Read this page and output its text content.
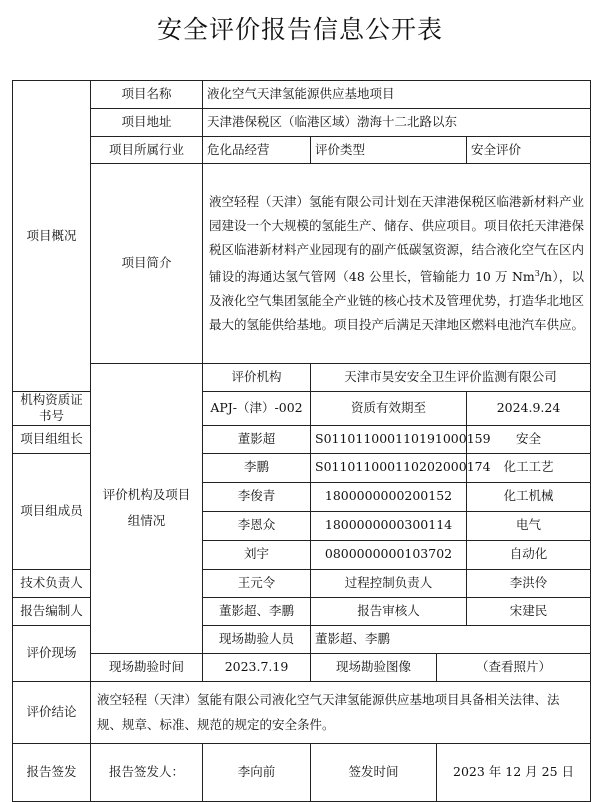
安全评价报告信息公开表
项目概况	项目名称	液化空气天津氢能源供应基地项目			
	项目地址	天津港保税区（临港区域）渤海十二北路以东			
	项目所属行业	危化品经营	评价类型		安全评价
	项目简介	液空轻程（天津）氢能有限公司计划在天津港保税区临港新材料产业园建设一个大规模的氢能生产、储存、供应项目。项目依托天津港保税区临港新材料产业园现有的副产低碳氢资源，结合液化空气在区内铺设的海通达氢气管网（48 公里长，管输能力 10 万 Nm$^3$/h），以及液化空气集团氢能全产业链的核心技术及管理优势，打造华北地区最大的氢能供给基地。项目投产后满足天津地区燃料电池汽车供应。			
	评价机构及项目组情况	评价机构	天津市昊安安全卫生评价监测有限公司		
机构资质证书号		APJ-（津）-002	资质有效期至		2024.9.24
项目组组长		董影超	S011011000110191000159		安全
项目组成员		李鹏	S011011000110202000174		化工工艺
		李俊青	1800000000200152		化工机械
		李恩众	1800000000300114		电气
		刘宇	0800000000103702		自动化
技术负责人		王元令	过程控制负责人		李洪伶
报告编制人		董影超、李鹏	报告审核人		宋建民
评价现场		现场勘验人员	董影超、李鹏		
	现场勘验时间	2023.7.19	现场勘验图像	（查看照片）	
评价结论	液空轻程（天津）氢能有限公司液化空气天津氢能源供应基地项目具备相关法律、法规、规章、标准、规范的规定的安全条件。				
报告签发	报告签发人：	李向前	签发时间	2023 年 12 月 25 日	
